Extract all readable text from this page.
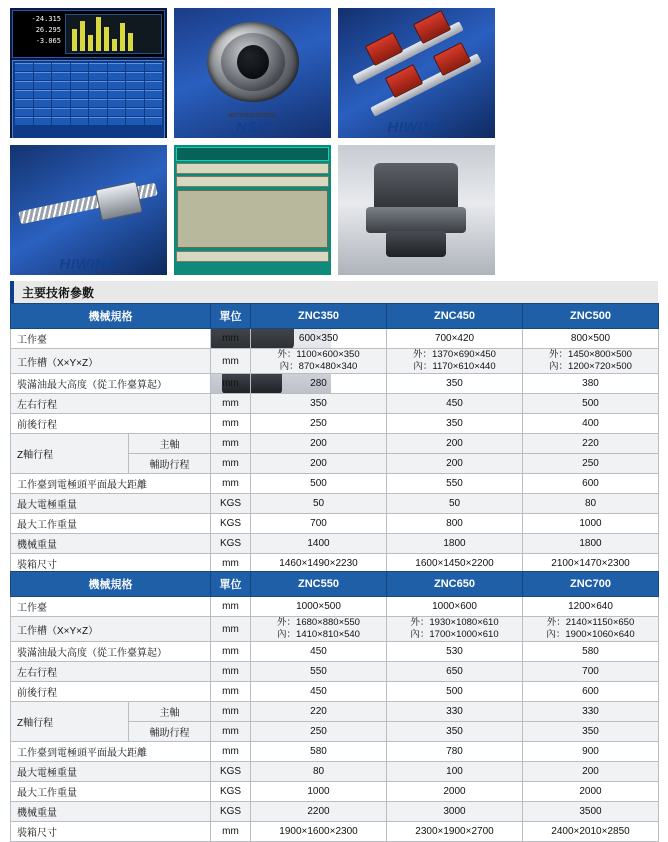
-24.315
26.295
-3.065
MOTION&CONTROL
NSK	HIWIN®
HIWIN®
主要技術參數
機械規格		單位	ZNC350	ZNC450	ZNC500
工作臺		mm	600×350	700×420	800×500
工作槽（X×Y×Z）		mm	外：1100×600×350
內：870×480×340	外：1370×690×450
內：1170×610×440	外：1450×800×500
內：1200×720×500

裝滿油最大高度（從工作臺算起）		mm	280	350	380
左右行程		mm	350	450	500
前後行程		mm	250	350	400
Z軸行程	主軸	mm	200	200	220
	輔助行程	mm	200	200	250
工作臺到電極頭平面最大距離		mm	500	550	600
最大電極重量		KGS	50	50	80
最大工作重量		KGS	700	800	1000
機械重量		KGS	1400	1800	1800
裝箱尺寸		mm	1460×1490×2230	1600×1450×2200	2100×1470×2300
機械規格		單位	ZNC550	ZNC650	ZNC700
工作臺		mm	1000×500	1000×600	1200×640
工作槽（X×Y×Z）		mm	外：1680×880×550
內：1410×810×540	外：1930×1080×610
內：1700×1000×610	外：2140×1150×650
內：1900×1060×640

裝滿油最大高度（從工作臺算起）		mm	450	530	580
左右行程		mm	550	650	700
前後行程		mm	450	500	600
Z軸行程	主軸	mm	220	330	330
	輔助行程	mm	250	350	350
工作臺到電極頭平面最大距離		mm	580	780	900
最大電極重量		KGS	80	100	200
最大工作重量		KGS	1000	2000	2000
機械重量		KGS	2200	3000	3500
裝箱尺寸		mm	1900×1600×2300	2300×1900×2700	2400×2010×2850
